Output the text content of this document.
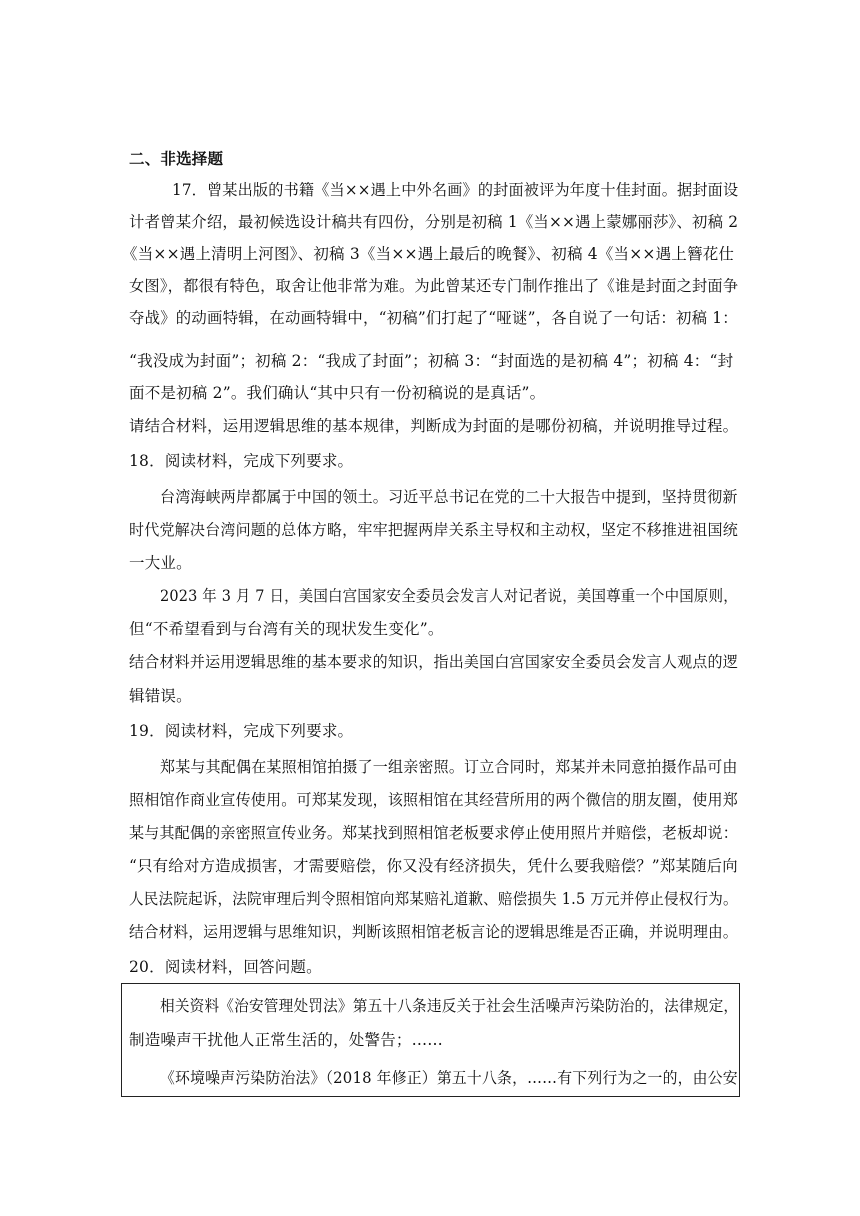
二、非选择题
17．曾某出版的书籍《当××遇上中外名画》的封面被评为年度十佳封面。据封面设
计者曾某介绍，最初候选设计稿共有四份，分别是初稿 1《当××遇上蒙娜丽莎》、初稿 2
《当××遇上清明上河图》、初稿 3《当××遇上最后的晚餐》、初稿 4《当××遇上簪花仕
女图》，都很有特色，取舍让他非常为难。为此曾某还专门制作推出了《谁是封面之封面争
夺战》的动画特辑，在动画特辑中，“初稿”们打起了“哑谜”，各自说了一句话：初稿 1：
“我没成为封面”；初稿 2：“我成了封面”；初稿 3：“封面选的是初稿 4”；初稿 4：“封
面不是初稿 2”。我们确认“其中只有一份初稿说的是真话”。
请结合材料，运用逻辑思维的基本规律，判断成为封面的是哪份初稿，并说明推导过程。
18．阅读材料，完成下列要求。
台湾海峡两岸都属于中国的领土。习近平总书记在党的二十大报告中提到，坚持贯彻新
时代党解决台湾问题的总体方略，牢牢把握两岸关系主导权和主动权，坚定不移推进祖国统
一大业。
2023 年 3 月 7 日，美国白宫国家安全委员会发言人对记者说，美国尊重一个中国原则，
但“不希望看到与台湾有关的现状发生变化”。
结合材料并运用逻辑思维的基本要求的知识，指出美国白宫国家安全委员会发言人观点的逻
辑错误。
19．阅读材料，完成下列要求。
郑某与其配偶在某照相馆拍摄了一组亲密照。订立合同时，郑某并未同意拍摄作品可由
照相馆作商业宣传使用。可郑某发现，该照相馆在其经营所用的两个微信的朋友圈，使用郑
某与其配偶的亲密照宣传业务。郑某找到照相馆老板要求停止使用照片并赔偿，老板却说：
“只有给对方造成损害，才需要赔偿，你又没有经济损失，凭什么要我赔偿？”郑某随后向
人民法院起诉，法院审理后判令照相馆向郑某赔礼道歉、赔偿损失 1.5 万元并停止侵权行为。
结合材料，运用逻辑与思维知识，判断该照相馆老板言论的逻辑思维是否正确，并说明理由。
20．阅读材料，回答问题。
相关资料《治安管理处罚法》第五十八条违反关于社会生活噪声污染防治的，法律规定，
制造噪声干扰他人正常生活的，处警告；……
《环境噪声污染防治法》（2018 年修正）第五十八条，……有下列行为之一的，由公安
